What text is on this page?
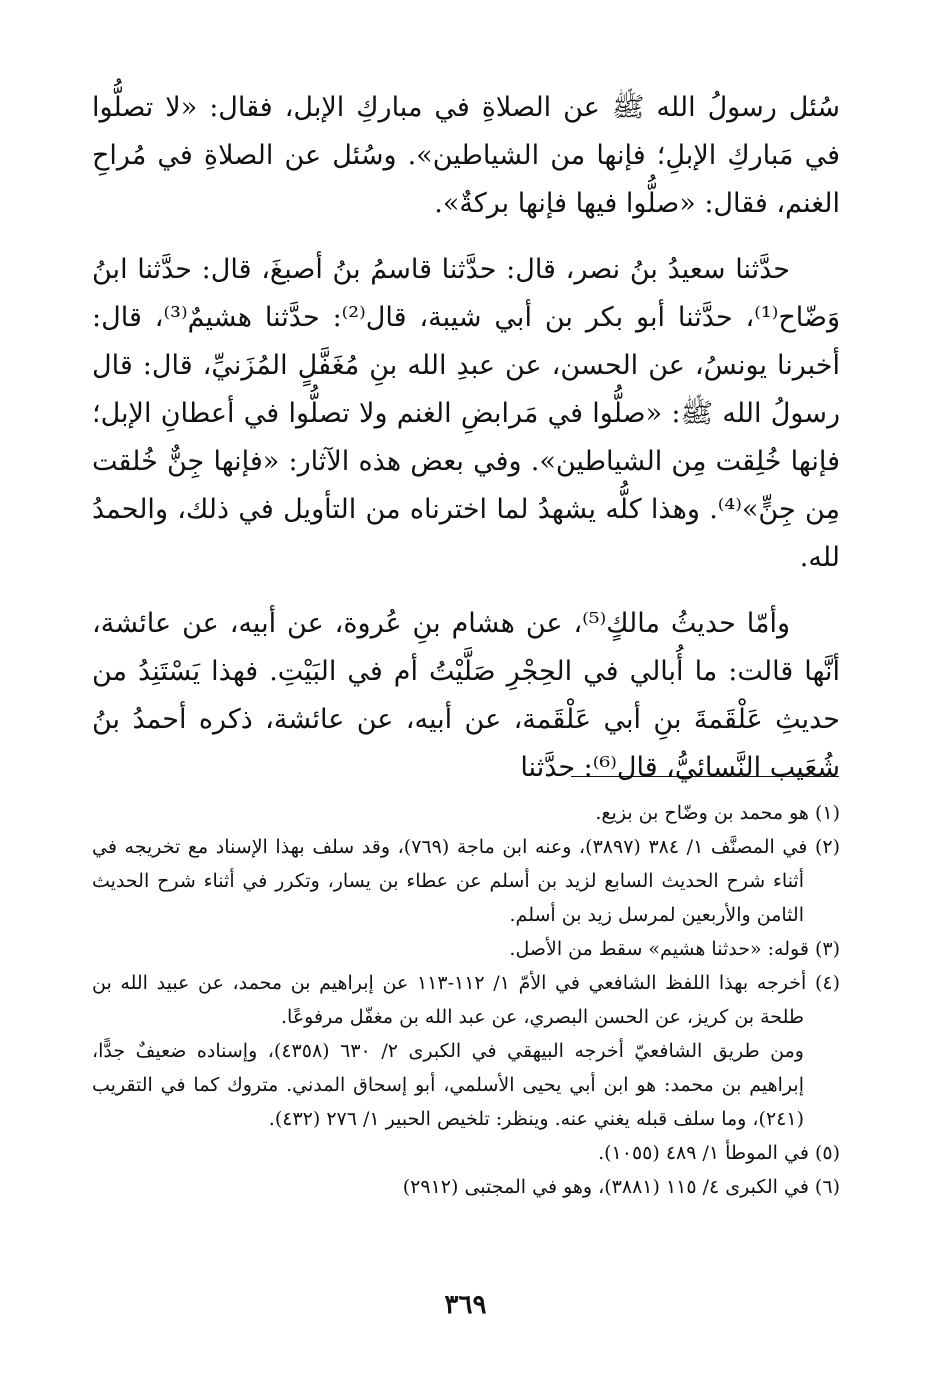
سُئل رسولُ الله ﷺ عن الصلاةِ في مباركِ الإبل، فقال: «لا تصلُّوا في مَباركِ الإبلِ؛ فإنها من الشياطين». وسُئل عن الصلاةِ في مُراحِ الغنم، فقال: «صلُّوا فيها فإنها بركةٌ».

حدَّثنا سعيدُ بنُ نصر، قال: حدَّثنا قاسمُ بنُ أصبغَ، قال: حدَّثنا ابنُ وَضّاح⁽¹⁾، حدَّثنا أبو بكر بن أبي شيبة، قال⁽²⁾: حدَّثنا هشيمٌ⁽³⁾، قال: أخبرنا يونسُ، عن الحسن، عن عبدِ الله بنِ مُغَفَّلٍ المُزَنيِّ، قال: قال رسولُ الله ﷺ: «صلُّوا في مَرابضِ الغنم ولا تصلُّوا في أعطانِ الإبل؛ فإنها خُلِقت مِن الشياطين». وفي بعض هذه الآثار: «فإنها جِنٌّ خُلقت مِن جِنٍّ»⁽⁴⁾. وهذا كلُّه يشهدُ لما اخترناه من التأويل في ذلك، والحمدُ لله.

وأمّا حديثُ مالكٍ⁽⁵⁾، عن هشام بنِ عُروة، عن أبيه، عن عائشة، أنَّها قالت: ما أُبالي في الحِجْرِ صَلَّيْتُ أم في البَيْتِ. فهذا يَسْتَنِدُ من حديثِ عَلْقَمةَ بنِ أبي عَلْقَمة، عن أبيه، عن عائشة، ذكره أحمدُ بنُ شُعَيب النَّسائيُّ، قال⁽⁶⁾: حدَّثنا

(١) هو محمد بن وضّاح بن بزيع.

(٢) في المصنَّف ١/ ٣٨٤ (٣٨٩٧)، وعنه ابن ماجة (٧٦٩)، وقد سلف بهذا الإسناد مع تخريجه في أثناء شرح الحديث السابع لزيد بن أسلم عن عطاء بن يسار، وتكرر في أثناء شرح الحديث الثامن والأربعين لمرسل زيد بن أسلم.

(٣) قوله: «حدثنا هشيم» سقط من الأصل.

(٤) أخرجه بهذا اللفظ الشافعي في الأمّ ١/ ١١٢-١١٣ عن إبراهيم بن محمد، عن عبيد الله بن طلحة بن كريز، عن الحسن البصري، عن عبد الله بن مغفّل مرفوعًا.

ومن طريق الشافعيّ أخرجه البيهقي في الكبرى ٢/ ٦٣٠ (٤٣٥٨)، وإسناده ضعيفٌ جدًّا، إبراهيم بن محمد: هو ابن أبي يحيى الأسلمي، أبو إسحاق المدني. متروك كما في التقريب (٢٤١)، وما سلف قبله يغني عنه. وينظر: تلخيص الحبير ١/ ٢٧٦ (٤٣٢).

(٥) في الموطأ ١/ ٤٨٩ (١٠٥٥).

(٦) في الكبرى ٤/ ١١٥ (٣٨٨١)، وهو في المجتبى (٢٩١٢)

٣٦٩
